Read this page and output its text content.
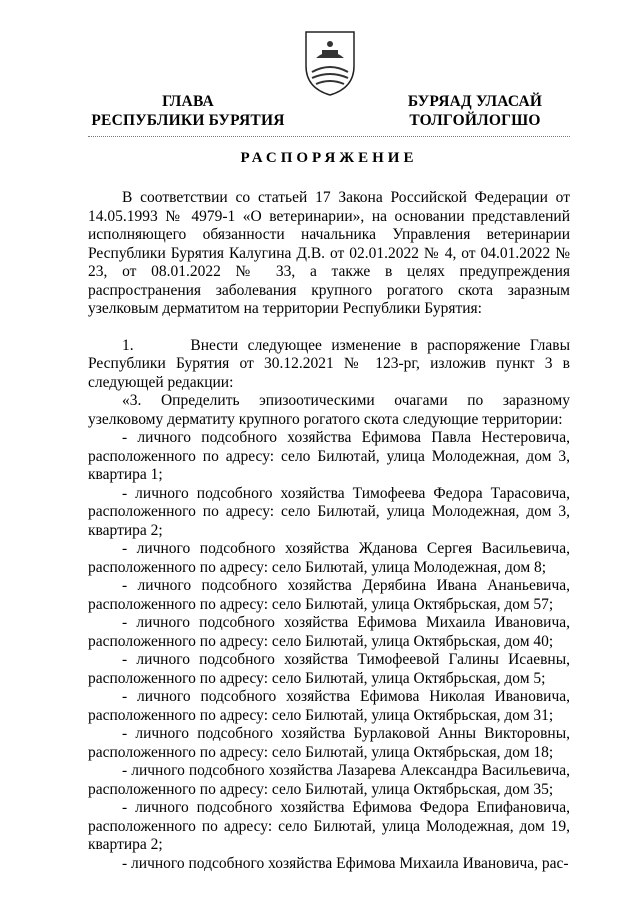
ГЛАВА
РЕСПУБЛИКИ БУРЯТИЯ
БУРЯАД УЛАСАЙ
ТОЛГОЙЛОГШО
РАСПОРЯЖЕНИЕ

В соответствии со статьей 17 Закона Российской Федерации от 14.05.1993 № 4979-1 «О ветеринарии», на основании представлений исполняющего обязанности начальника Управления ветеринарии Республики Бурятия Калугина Д.В. от 02.01.2022 № 4, от 04.01.2022 № 23, от 08.01.2022 № 33, а также в целях предупреждения распространения заболевания крупного рогатого скота заразным узелковым дерматитом на территории Республики Бурятия:

1.      Внести следующее изменение в распоряжение Главы Республики Бурятия от 30.12.2021 № 123-рг, изложив пункт 3 в следующей редакции:

«3. Определить эпизоотическими очагами по заразному узелковому дерматиту крупного рогатого скота следующие территории:

- личного подсобного хозяйства Ефимова Павла Нестеровича, расположенного по адресу: село Билютай, улица Молодежная, дом 3, квартира 1;

- личного подсобного хозяйства Тимофеева Федора Тарасовича, расположенного по адресу: село Билютай, улица Молодежная, дом 3, квартира 2;

- личного подсобного хозяйства Жданова Сергея Васильевича, расположенного по адресу: село Билютай, улица Молодежная, дом 8;

- личного подсобного хозяйства Дерябина Ивана Ананьевича, расположенного по адресу: село Билютай, улица Октябрьская, дом 57;

- личного подсобного хозяйства Ефимова Михаила Ивановича, расположенного по адресу: село Билютай, улица Октябрьская, дом 40;

- личного подсобного хозяйства Тимофеевой Галины Исаевны, расположенного по адресу: село Билютай, улица Октябрьская, дом 5;

- личного подсобного хозяйства Ефимова Николая Ивановича, расположенного по адресу: село Билютай, улица Октябрьская, дом 31;

- личного подсобного хозяйства Бурлаковой Анны Викторовны, расположенного по адресу: село Билютай, улица Октябрьская, дом 18;

- личного подсобного хозяйства Лазарева Александра Васильевича, расположенного по адресу: село Билютай, улица Октябрьская, дом 35;

- личного подсобного хозяйства Ефимова Федора Епифановича, расположенного по адресу: село Билютай, улица Молодежная, дом 19, квартира 2;

- личного подсобного хозяйства Ефимова Михаила Ивановича, рас-
